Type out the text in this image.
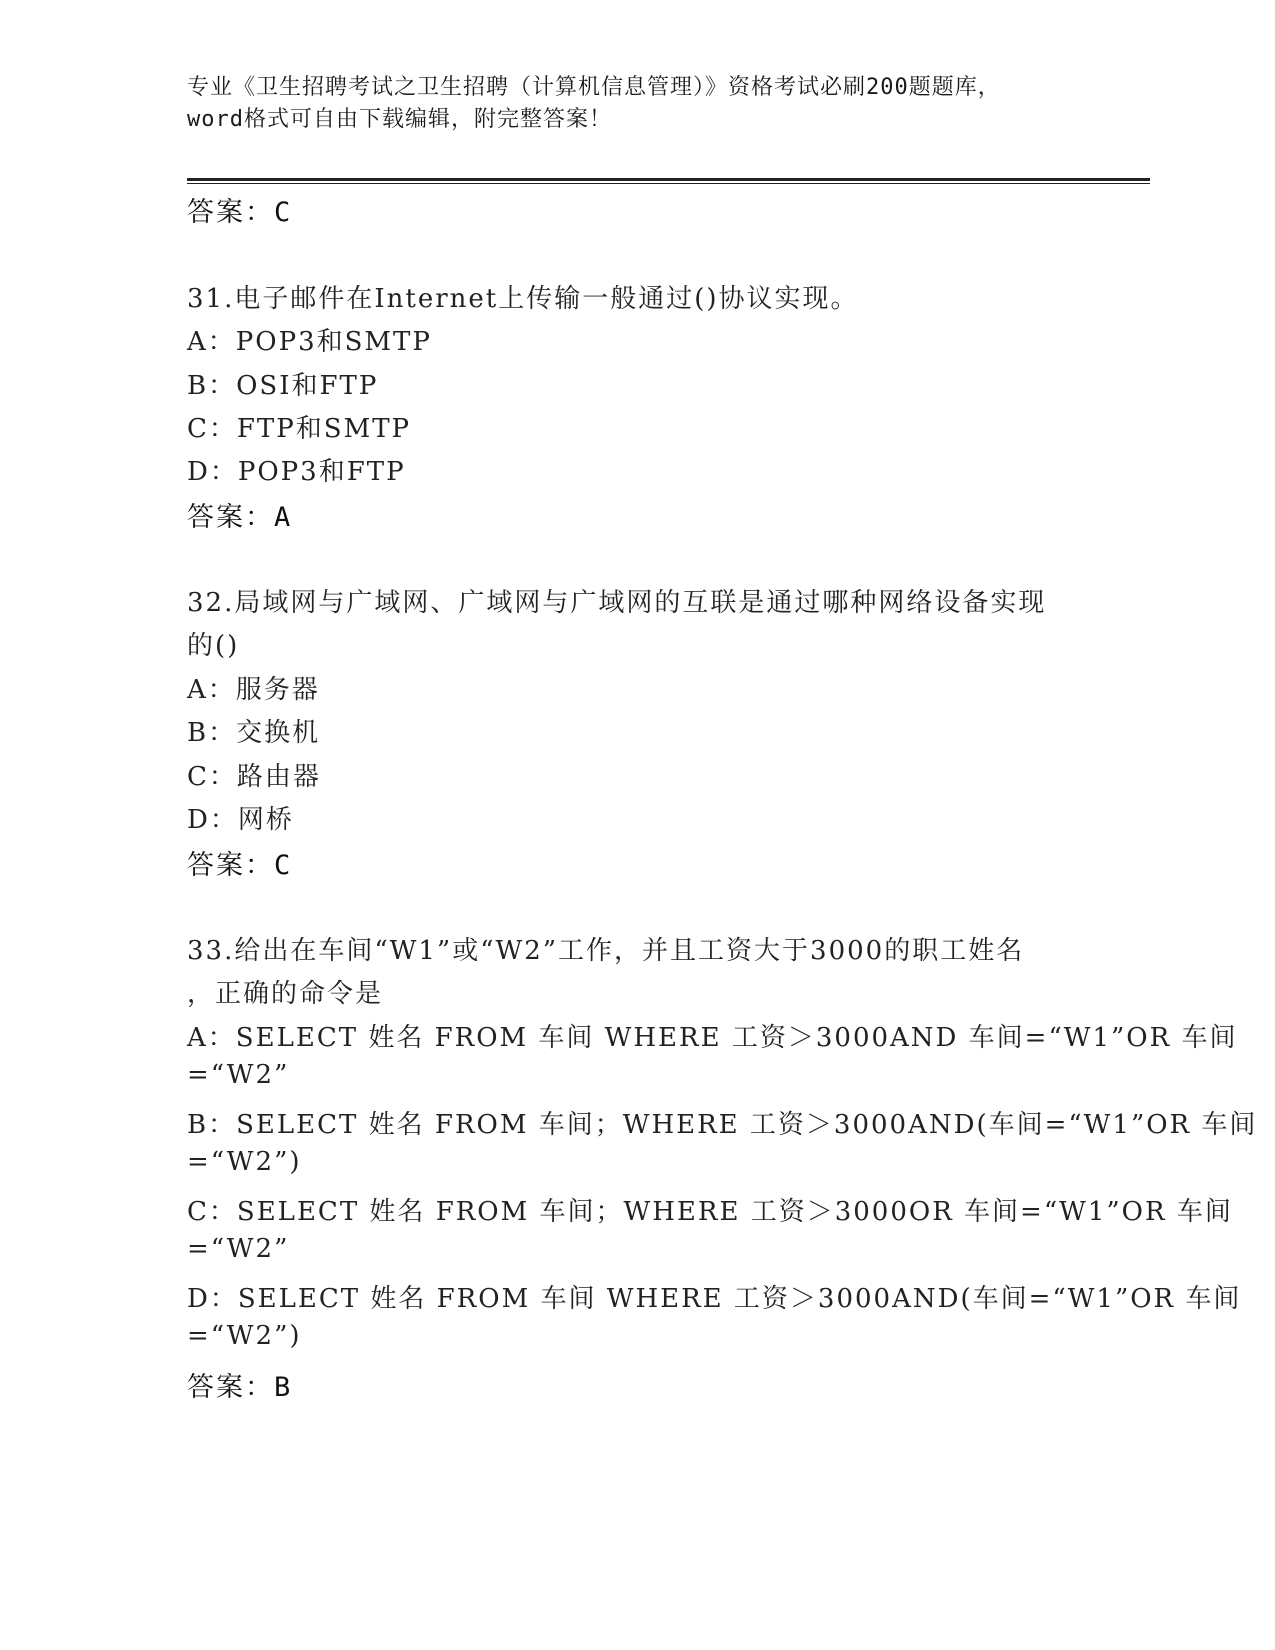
专业《卫生招聘考试之卫生招聘（计算机信息管理）》资格考试必刷200题题库，
word格式可自由下载编辑，附完整答案！
答案：C
31.电子邮件在Internet上传输一般通过()协议实现。
A：POP3和SMTP
B：OSI和FTP
C：FTP和SMTP
D：POP3和FTP
答案：A
32.局域网与广域网、广域网与广域网的互联是通过哪种网络设备实现
的()
A：服务器
B：交换机
C：路由器
D：网桥
答案：C
33.给出在车间“W1”或“W2”工作，并且工资大于3000的职工姓名
，正确的命令是
A：SELECT 姓名 FROM 车间 WHERE 工资＞3000AND 车间=“W1”OR 车间
=“W2”
B：SELECT 姓名 FROM 车间；WHERE 工资＞3000AND(车间=“W1”OR 车间
=“W2”)
C：SELECT 姓名 FROM 车间；WHERE 工资＞3000OR 车间=“W1”OR 车间
=“W2”
D：SELECT 姓名 FROM 车间 WHERE 工资＞3000AND(车间=“W1”OR 车间
=“W2”)
答案：B
